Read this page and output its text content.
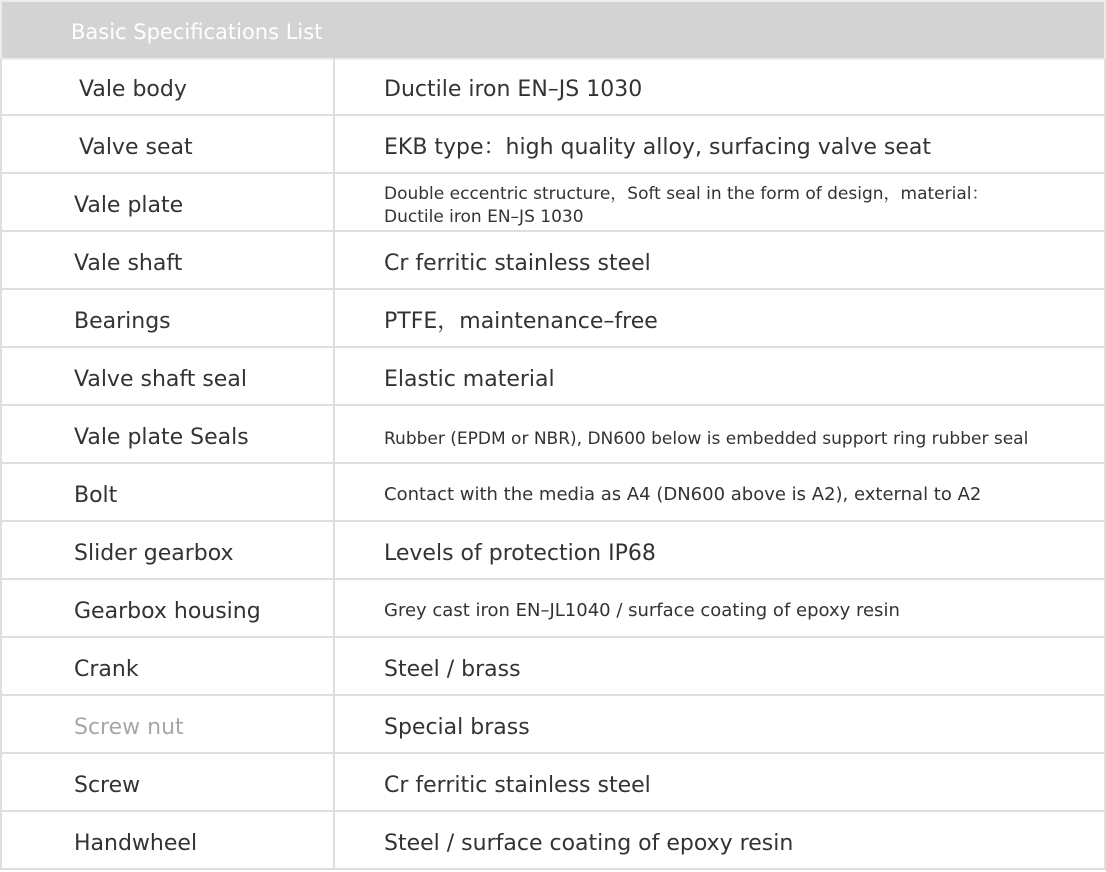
Basic Specifications List
Vale body	Ductile iron EN–JS 1030
Valve seat	EKB type：high quality alloy, surfacing valve seat
Vale plate	Double eccentric structure，Soft seal in the form of design，material：
Ductile iron EN–JS 1030
Vale shaft	Cr ferritic stainless steel
Bearings	PTFE，maintenance–free
Valve shaft seal	Elastic material
Vale plate Seals	Rubber (EPDM or NBR), DN600 below is embedded support ring rubber seal
Bolt	Contact with the media as A4 (DN600 above is A2), external to A2
Slider gearbox	Levels of protection IP68
Gearbox housing	Grey cast iron EN–JL1040 / surface coating of epoxy resin
Crank	Steel / brass
Screw nut	Special brass
Screw	Cr ferritic stainless steel
Handwheel	Steel / surface coating of epoxy resin
